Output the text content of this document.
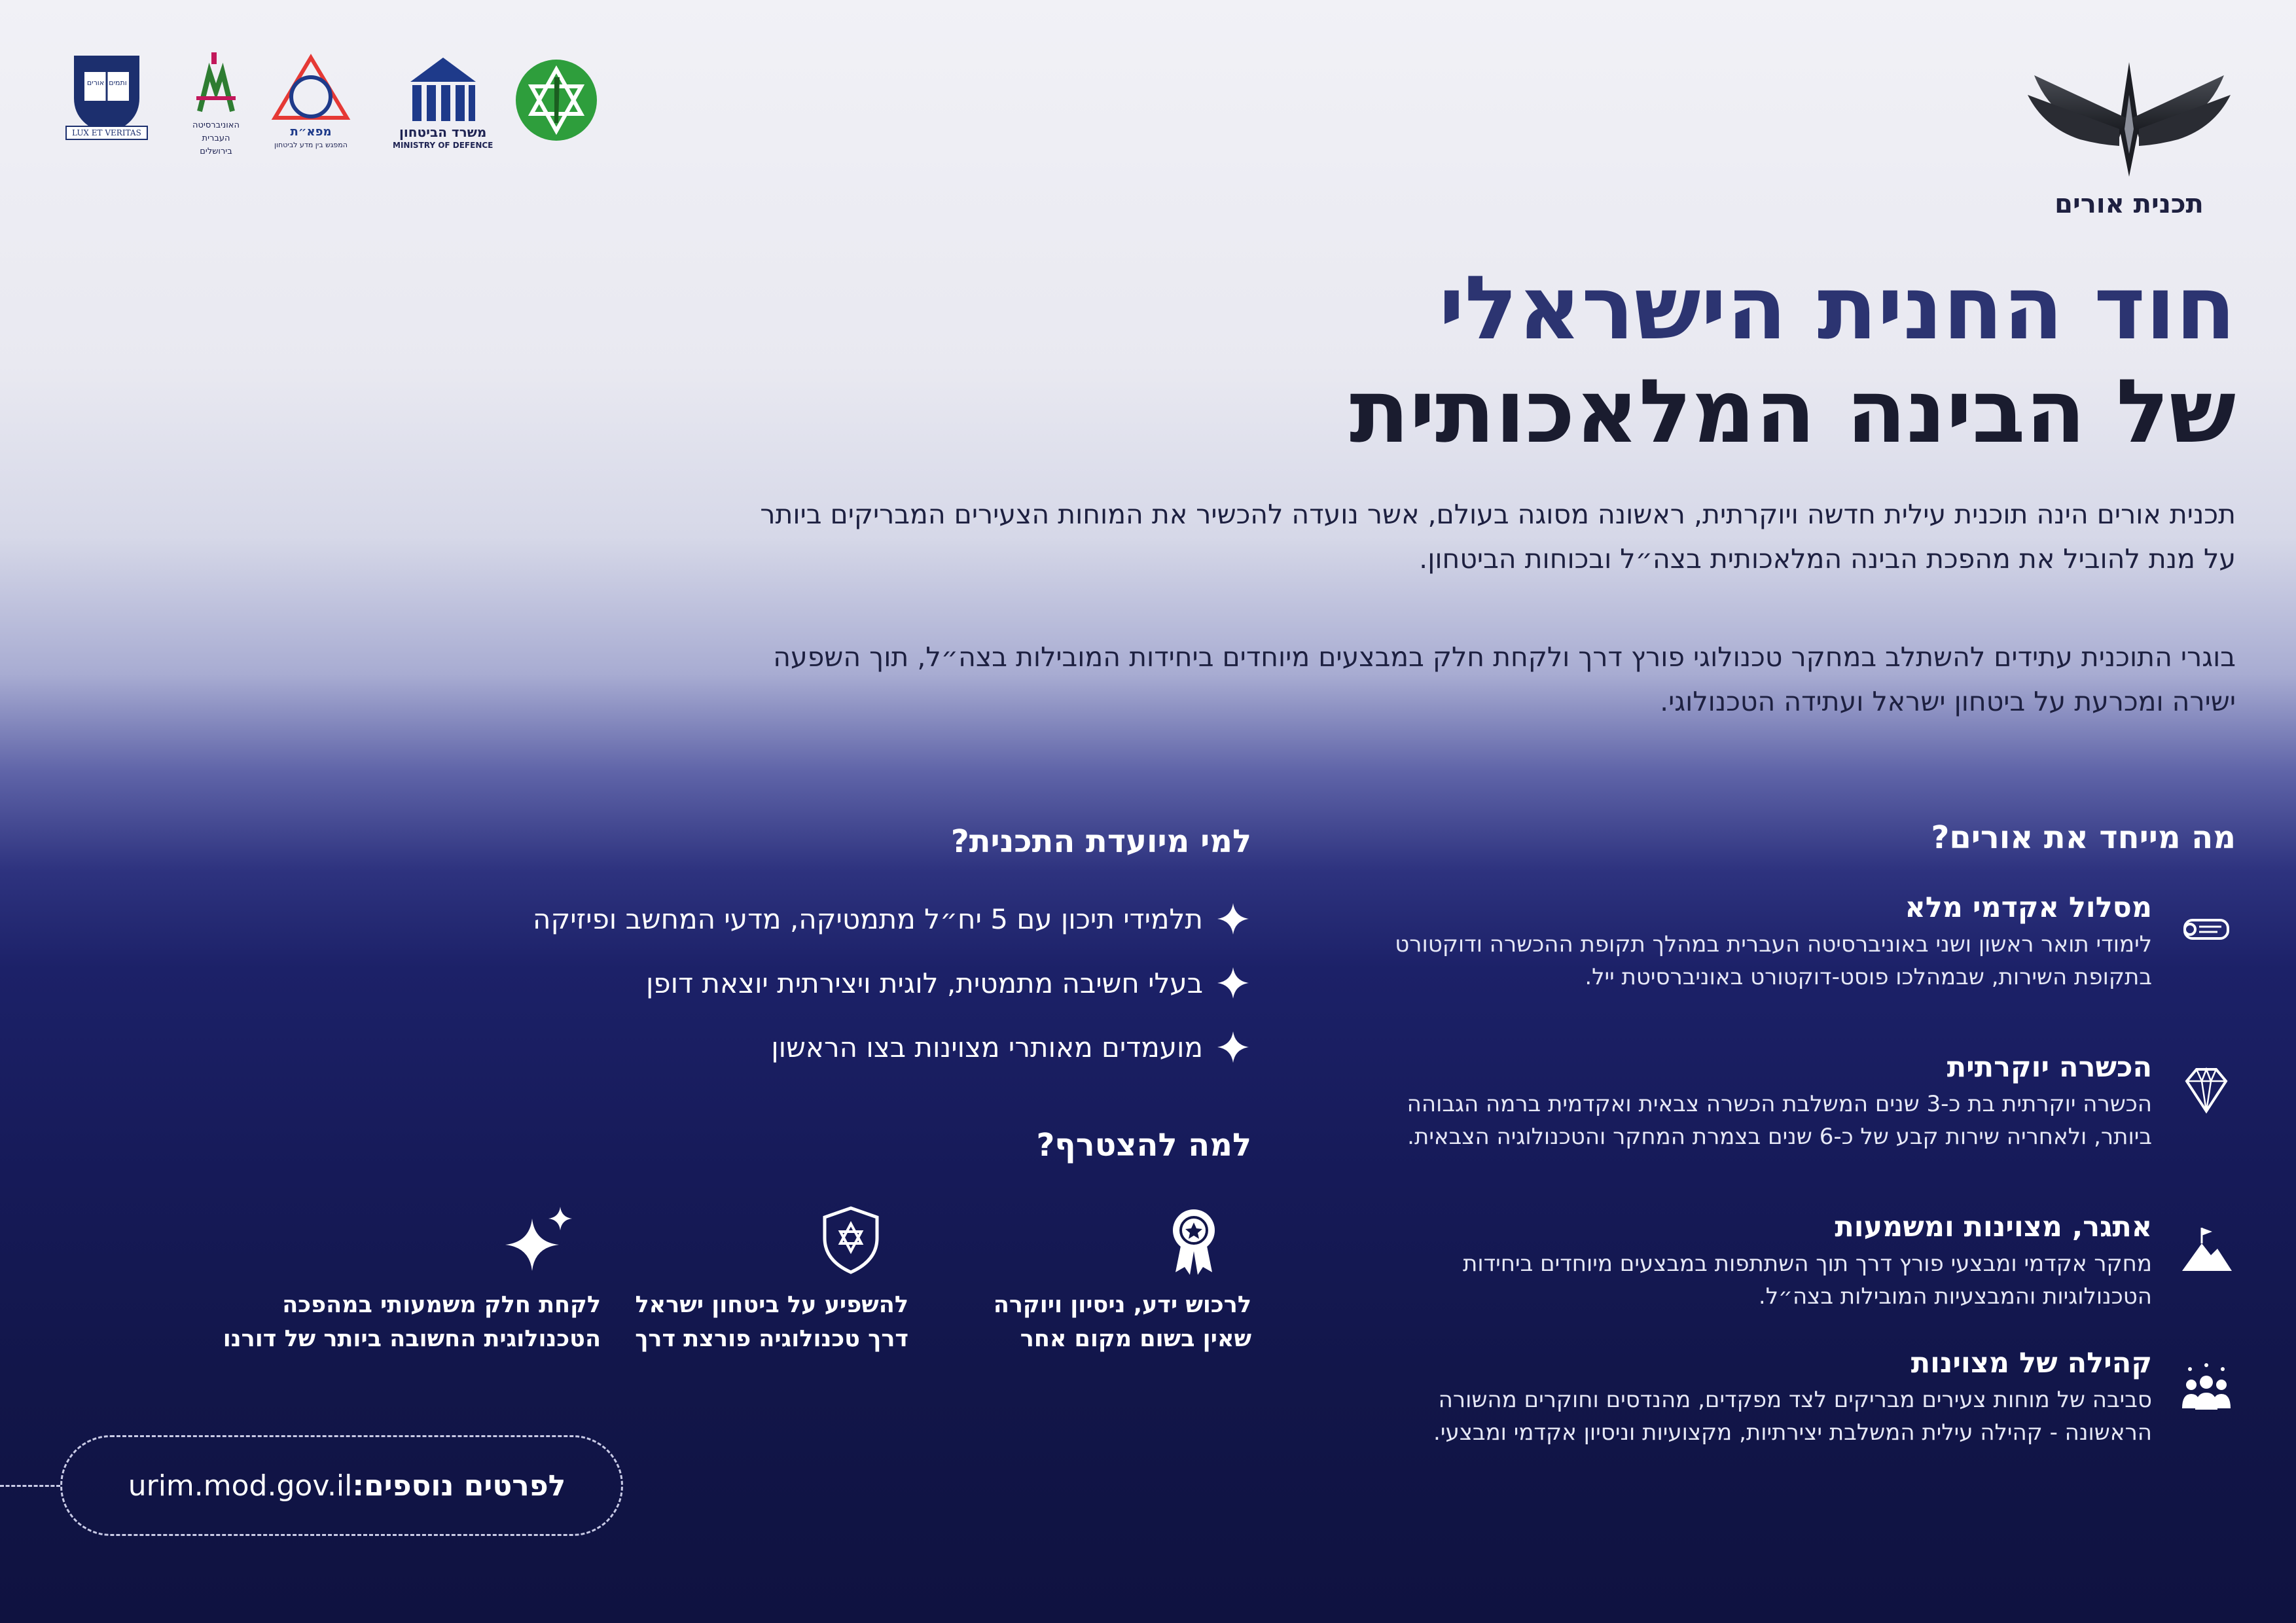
תכנית אורים
אורים ותמים
LUX ET VERITAS
האוניברסיטה
העברית
בירושלים
מפא״ת
המפגש בין מדע לביטחון
משרד הביטחון
MINISTRY OF DEFENCE
חוד החנית הישראלי
של הבינה המלאכותית
תכנית אורים הינה תוכנית עילית חדשה ויוקרתית, ראשונה מסוגה בעולם, אשר נועדה להכשיר את המוחות הצעירים המבריקים ביותר על מנת להוביל את מהפכת הבינה המלאכותית בצה״ל ובכוחות הביטחון.
בוגרי התוכנית עתידים להשתלב במחקר טכנולוגי פורץ דרך ולקחת חלק במבצעים מיוחדים ביחידות המובילות בצה״ל, תוך השפעה ישירה ומכרעת על ביטחון ישראל ועתידה הטכנולוגי.
מה מייחד את אורים?
מסלול אקדמי מלא
לימודי תואר ראשון ושני באוניברסיטה העברית במהלך תקופת ההכשרה ודוקטורט בתקופת השירות, שבמהלכו פוסט-דוקטורט באוניברסיטת ייל.
הכשרה יוקרתית
הכשרה יוקרתית בת כ-3 שנים המשלבת הכשרה צבאית ואקדמית ברמה הגבוהה ביותר, ולאחריה שירות קבע של כ-6 שנים בצמרת המחקר והטכנולוגיה הצבאית.
אתגר, מצוינות ומשמעות
מחקר אקדמי ומבצעי פורץ דרך תוך השתתפות במבצעים מיוחדים ביחידות הטכנולוגיות והמבצעיות המובילות בצה״ל.
קהילה של מצוינות
סביבה של מוחות צעירים מבריקים לצד מפקדים, מהנדסים וחוקרים מהשורה הראשונה - קהילה עילית המשלבת יצירתיות, מקצועיות וניסיון אקדמי ומבצעי.
למי מיועדת התכנית?
תלמידי תיכון עם 5 יח״ל מתמטיקה, מדעי המחשב ופיזיקה
בעלי חשיבה מתמטית, לוגית ויצירתית יוצאת דופן
מועמדים מאותרי מצוינות בצו הראשון
למה להצטרף?
לרכוש ידע, ניסיון ויוקרה
שאין בשום מקום אחר
להשפיע על ביטחון ישראל
דרך טכנולוגיה פורצת דרך
לקחת חלק משמעותי במהפכה
הטכנולוגית החשובה ביותר של דורנו
לפרטים נוספים:
urim.mod.gov.il
